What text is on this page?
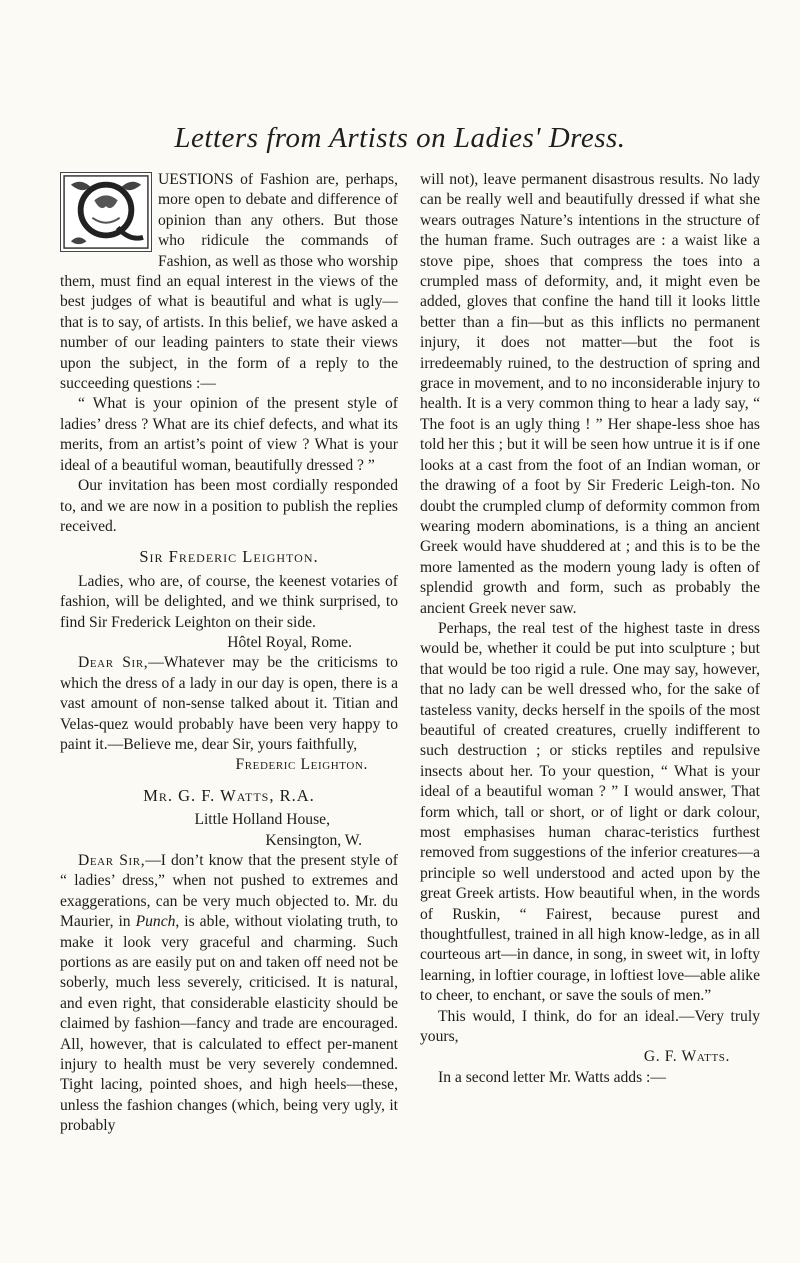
Letters from Artists on Ladies' Dress.

UESTIONS of Fashion are, perhaps, more open to debate and difference of opinion than any others. But those who ridicule the commands of Fashion, as well as those who worship them, must find an equal interest in the views of the best judges of what is beautiful and what is ugly—that is to say, of artists. In this belief, we have asked a number of our leading painters to state their views upon the subject, in the form of a reply to the succeeding questions :—

“ What is your opinion of the present style of ladies’ dress ? What are its chief defects, and what its merits, from an artist’s point of view ? What is your ideal of a beautiful woman, beautifully dressed ? ”

Our invitation has been most cordially responded to, and we are now in a position to publish the replies received.

Sir Frederic Leighton.

Ladies, who are, of course, the keenest votaries of fashion, will be delighted, and we think surprised, to find Sir Frederick Leighton on their side.

Hôtel Royal, Rome.

Dear Sir,—Whatever may be the criticisms to which the dress of a lady in our day is open, there is a vast amount of non-sense talked about it. Titian and Velas-quez would probably have been very happy to paint it.—Believe me, dear Sir, yours faithfully,

Frederic Leighton.

Mr. G. F. Watts, R.A.

Little Holland House,

Kensington, W.

Dear Sir,—I don’t know that the present style of “ ladies’ dress,” when not pushed to extremes and exaggerations, can be very much objected to. Mr. du Maurier, in Punch, is able, without violating truth, to make it look very graceful and charming. Such portions as are easily put on and taken off need not be soberly, much less severely, criticised. It is natural, and even right, that considerable elasticity should be claimed by fashion—fancy and trade are encouraged. All, however, that is calculated to effect per-manent injury to health must be very severely condemned. Tight lacing, pointed shoes, and high heels—these, unless the fashion changes (which, being very ugly, it probably

will not), leave permanent disastrous results. No lady can be really well and beautifully dressed if what she wears outrages Nature’s intentions in the structure of the human frame. Such outrages are : a waist like a stove pipe, shoes that compress the toes into a crumpled mass of deformity, and, it might even be added, gloves that confine the hand till it looks little better than a fin—but as this inflicts no permanent injury, it does not matter—but the foot is irredeemably ruined, to the destruction of spring and grace in movement, and to no inconsiderable injury to health. It is a very common thing to hear a lady say, “ The foot is an ugly thing ! ” Her shape-less shoe has told her this ; but it will be seen how untrue it is if one looks at a cast from the foot of an Indian woman, or the drawing of a foot by Sir Frederic Leigh-ton. No doubt the crumpled clump of deformity common from wearing modern abominations, is a thing an ancient Greek would have shuddered at ; and this is to be the more lamented as the modern young lady is often of splendid growth and form, such as probably the ancient Greek never saw.

Perhaps, the real test of the highest taste in dress would be, whether it could be put into sculpture ; but that would be too rigid a rule. One may say, however, that no lady can be well dressed who, for the sake of tasteless vanity, decks herself in the spoils of the most beautiful of created creatures, cruelly indifferent to such destruction ; or sticks reptiles and repulsive insects about her. To your question, “ What is your ideal of a beautiful woman ? ” I would answer, That form which, tall or short, or of light or dark colour, most emphasises human charac-teristics furthest removed from suggestions of the inferior creatures—a principle so well understood and acted upon by the great Greek artists. How beautiful when, in the words of Ruskin, “ Fairest, because purest and thoughtfullest, trained in all high know-ledge, as in all courteous art—in dance, in song, in sweet wit, in lofty learning, in loftier courage, in loftiest love—able alike to cheer, to enchant, or save the souls of men.”

This would, I think, do for an ideal.—Very truly yours,

G. F. Watts.

In a second letter Mr. Watts adds :—
